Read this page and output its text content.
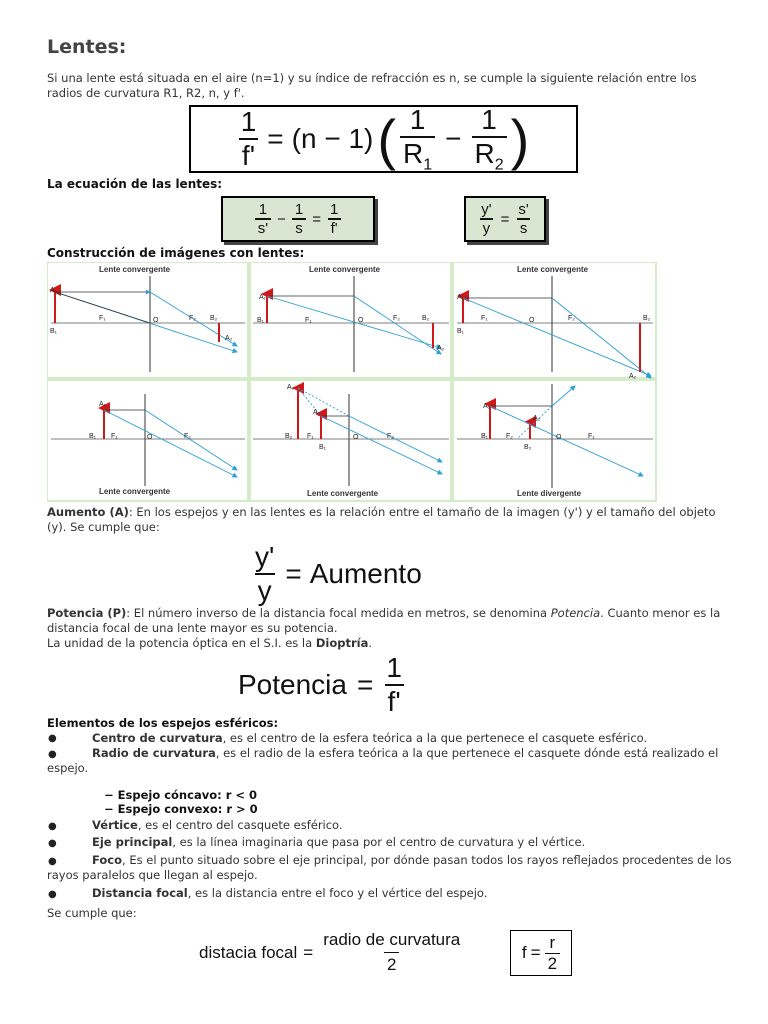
Lentes:
Si una lente está situada en el aire (n=1) y su índice de refracción es n, se cumple la siguiente relación entre los radios de curvatura R1, R2, n, y f'.
$\frac{1}{f'} = (n - 1)$ ( $\frac{1}{R_1} - \frac{1}{R_2}$ )
La ecuación de las lentes:
$\frac{1}{s'} - \frac{1}{s} = \frac{1}{f'}$	$\frac{y'}{y} = \frac{s'}{s}$
Construcción de imágenes con lentes:
Lente convergente
A₁
B₁
F₁	O	F₂ B₂
A₂
Lente convergente
A₁
B₁	F₁	O	F₂	B₂
A₂
Lente convergente
A₁
B₁
F₁	O	F₂	B₂
A₂
A₁
B₁ F₁	O	F₂
Lente convergente
A₂
A₁
B₂ F₁	O	F₂
B₁
Lente convergente
A₁
A₂
B₁	F₂
B₂
O	F₁
Lente divergente
Aumento (A): En los espejos y en las lentes es la relación entre el tamaño de la imagen (y') y el tamaño del objeto (y). Se cumple que:
$\frac{y'}{y}$ = Aumento
Potencia (P): El número inverso de la distancia focal medida en metros, se denomina Potencia. Cuanto menor es la distancia focal de una lente mayor es su potencia.
La unidad de la potencia óptica en el S.I. es la Dioptría.
Potencia = $\frac{1}{f'}$
Elementos de los espejos esféricos:
●	Centro de curvatura, es el centro de la esfera teórica a la que pertenece el casquete esférico.
●	Radio de curvatura, es el radio de la esfera teórica a la que pertenece el casquete dónde está realizado el espejo.
− Espejo cóncavo: r < 0
− Espejo convexo: r > 0
●	Vértice, es el centro del casquete esférico.
●	Eje principal, es la línea imaginaria que pasa por el centro de curvatura y el vértice.
●	Foco, Es el punto situado sobre el eje principal, por dónde pasan todos los rayos reflejados procedentes de los rayos paralelos que llegan al espejo.
●	Distancia focal, es la distancia entre el foco y el vértice del espejo.
Se cumple que:
distacia focal = $\frac{\text{radio de curvatura}}{2}$	$f = \frac{r}{2}$
